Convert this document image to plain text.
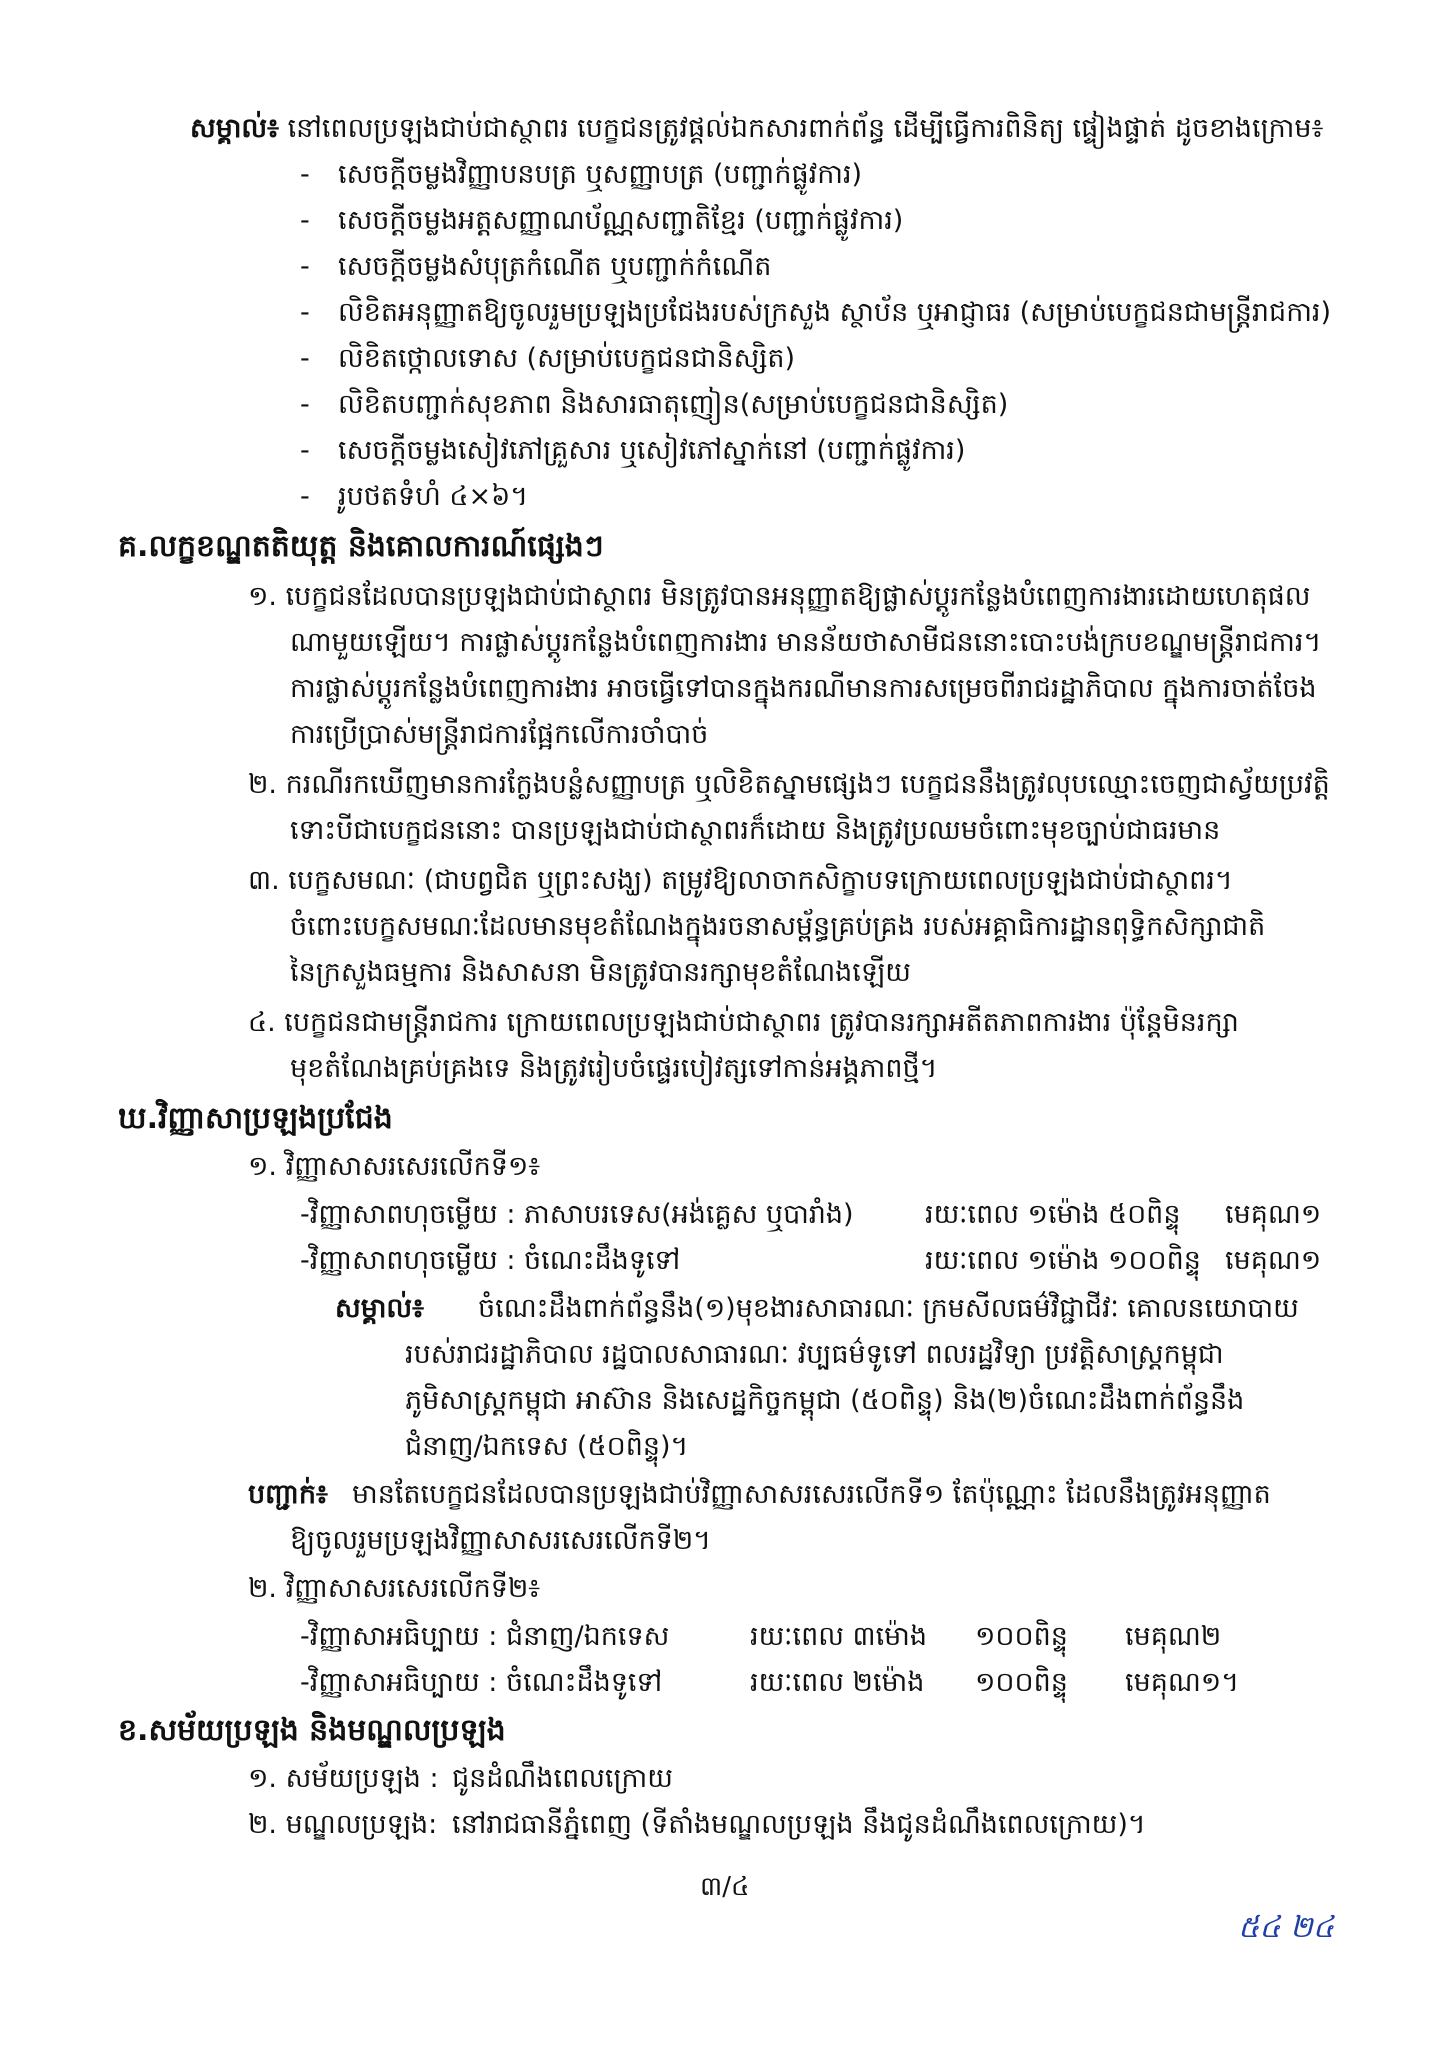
សម្គាល់៖ នៅពេលប្រឡងជាប់ជាស្ថាពរ បេក្ខជនត្រូវផ្តល់ឯកសារពាក់ព័ន្ធ ដើម្បីធ្វើការពិនិត្យ ផ្ទៀងផ្ទាត់ ដូចខាងក្រោម៖
- សេចក្តីចម្លងវិញ្ញាបនបត្រ ឬសញ្ញាបត្រ (បញ្ជាក់ផ្លូវការ)
- សេចក្តីចម្លងអត្តសញ្ញាណប័ណ្ណសញ្ជាតិខ្មែរ (បញ្ជាក់ផ្លូវការ)
- សេចក្តីចម្លងសំបុត្រកំណើត ឬបញ្ជាក់កំណើត
- លិខិតអនុញ្ញាតឱ្យចូលរួមប្រឡងប្រជែងរបស់ក្រសួង ស្ថាប័ន ឬអាជ្ញាធរ (សម្រាប់បេក្ខជនជាមន្ត្រីរាជការ)
- លិខិតថ្កោលទោស (សម្រាប់បេក្ខជនជានិស្សិត)
- លិខិតបញ្ជាក់សុខភាព និងសារធាតុញៀន(សម្រាប់បេក្ខជនជានិស្សិត)
- សេចក្តីចម្លងសៀវភៅគ្រួសារ ឬសៀវភៅស្នាក់នៅ (បញ្ជាក់ផ្លូវការ)
- រូបថតទំហំ ៤×៦។
គ.លក្ខខណ្ឌតតិយុត្ត និងគោលការណ៍ផ្សេងៗ
១. បេក្ខជនដែលបានប្រឡងជាប់ជាស្ថាពរ មិនត្រូវបានអនុញ្ញាតឱ្យផ្លាស់ប្តូរកន្លែងបំពេញការងារដោយហេតុផល
ណាមួយឡើយ។ ការផ្លាស់ប្តូរកន្លែងបំពេញការងារ មានន័យថាសាមីជននោះបោះបង់ក្របខណ្ឌមន្ត្រីរាជការ។
ការផ្លាស់ប្តូរកន្លែងបំពេញការងារ អាចធ្វើទៅបានក្នុងករណីមានការសម្រេចពីរាជរដ្ឋាភិបាល ក្នុងការចាត់ចែង
ការប្រើប្រាស់មន្ត្រីរាជការផ្អែកលើការចាំបាច់
២. ករណីរកឃើញមានការក្លែងបន្លំសញ្ញាបត្រ ឬលិខិតស្នាមផ្សេងៗ បេក្ខជននឹងត្រូវលុបឈ្មោះចេញជាស្វ័យប្រវត្តិ
ទោះបីជាបេក្ខជននោះ បានប្រឡងជាប់ជាស្ថាពរក៏ដោយ និងត្រូវប្រឈមចំពោះមុខច្បាប់ជាធរមាន
៣. បេក្ខសមណៈ (ជាបព្វជិត ឬព្រះសង្ឃ) តម្រូវឱ្យលាចាកសិក្ខាបទក្រោយពេលប្រឡងជាប់ជាស្ថាពរ។
ចំពោះបេក្ខសមណៈដែលមានមុខតំណែងក្នុងរចនាសម្ព័ន្ធគ្រប់គ្រង របស់អគ្គាធិការដ្ឋានពុទ្ធិកសិក្សាជាតិ
នៃក្រសួងធម្មការ និងសាសនា មិនត្រូវបានរក្សាមុខតំណែងឡើយ
៤. បេក្ខជនជាមន្ត្រីរាជការ ក្រោយពេលប្រឡងជាប់ជាស្ថាពរ ត្រូវបានរក្សាអតីតភាពការងារ ប៉ុន្តែមិនរក្សា
មុខតំណែងគ្រប់គ្រងទេ និងត្រូវរៀបចំផ្ទេរបៀវត្សទៅកាន់អង្គភាពថ្មី។
ឃ.វិញ្ញាសាប្រឡងប្រជែង
១. វិញ្ញាសាសរសេរលើកទី១៖
-វិញ្ញាសាពហុចម្លើយ : ភាសាបរទេស(អង់គ្លេស ឬបារាំង)	រយៈពេល ១ម៉ោង ៥០ពិន្ទុ មេគុណ១
-វិញ្ញាសាពហុចម្លើយ : ចំណេះដឹងទូទៅ	រយៈពេល ១ម៉ោង ១០០ពិន្ទុ មេគុណ១
សម្គាល់៖ ចំណេះដឹងពាក់ព័ន្ធនឹង(១)មុខងារសាធារណៈ ក្រមសីលធម៌វិជ្ជាជីវៈ គោលនយោបាយ
របស់រាជរដ្ឋាភិបាល រដ្ឋបាលសាធារណៈ វប្បធម៌ទូទៅ ពលរដ្ឋវិទ្យា ប្រវត្តិសាស្ត្រកម្ពុជា
ភូមិសាស្ត្រកម្ពុជា អាស៊ាន និងសេដ្ឋកិច្ចកម្ពុជា (៥០ពិន្ទុ) និង(២)ចំណេះដឹងពាក់ព័ន្ធនឹង
ជំនាញ/ឯកទេស (៥០ពិន្ទុ)។
បញ្ជាក់៖ មានតែបេក្ខជនដែលបានប្រឡងជាប់វិញ្ញាសាសរសេរលើកទី១ តែប៉ុណ្ណោះ ដែលនឹងត្រូវអនុញ្ញាត
ឱ្យចូលរួមប្រឡងវិញ្ញាសាសរសេរលើកទី២។
២. វិញ្ញាសាសរសេរលើកទី២៖
-វិញ្ញាសាអធិប្បាយ : ជំនាញ/ឯកទេស	រយៈពេល ៣ម៉ោង ១០០ពិន្ទុ មេគុណ២
-វិញ្ញាសាអធិប្បាយ : ចំណេះដឹងទូទៅ	រយៈពេល ២ម៉ោង ១០០ពិន្ទុ មេគុណ១។
ខ.សម័យប្រឡង និងមណ្ឌលប្រឡង
១. សម័យប្រឡង : ជូនដំណឹងពេលក្រោយ
២. មណ្ឌលប្រឡង: នៅរាជធានីភ្នំពេញ (ទីតាំងមណ្ឌលប្រឡង នឹងជូនដំណឹងពេលក្រោយ)។
៣/៤
៥៤ ២៤
